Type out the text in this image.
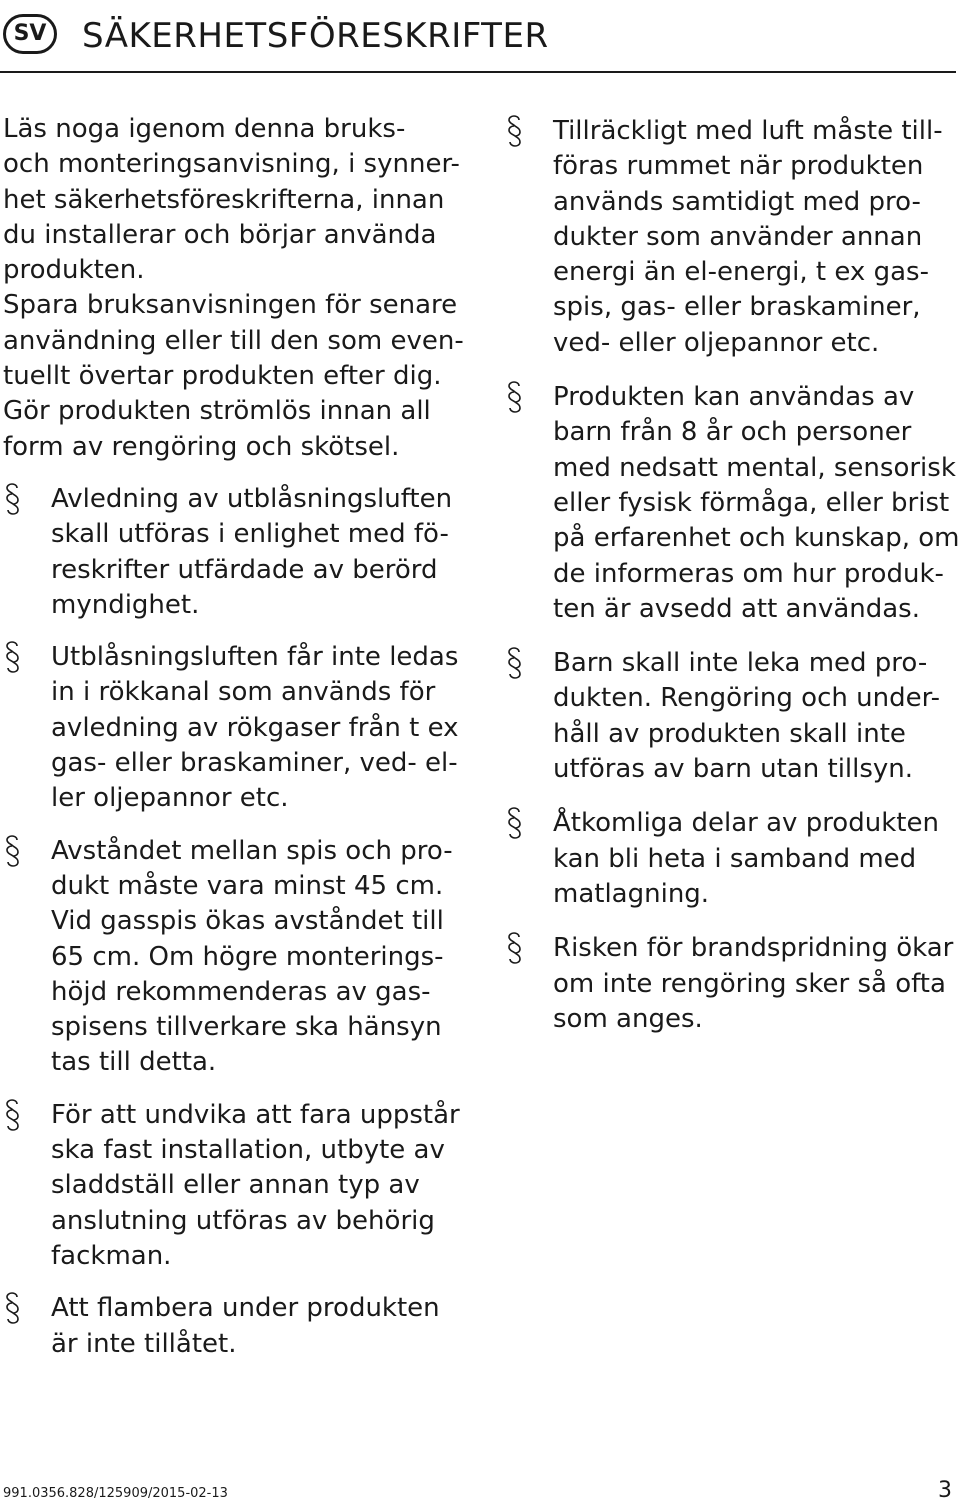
SV	SÄKERHETSFÖRESKRIFTER
Läs noga igenom denna bruks-
och monteringsanvisning, i synner-
het säkerhetsföreskrifterna, innan
du installerar och börjar använda
produkten.
Spara bruksanvisningen för senare
användning eller till den som even-
tuellt övertar produkten efter dig.
Gör produkten strömlös innan all
form av rengöring och skötsel.
Avledning av utblåsningsluften
skall utföras i enlighet med fö-
reskrifter utfärdade av berörd
myndighet.
Utblåsningsluften får inte ledas
in i rökkanal som används för
avledning av rökgaser från t ex
gas- eller braskaminer, ved- el-
ler oljepannor etc.
Avståndet mellan spis och pro-
dukt måste vara minst 45 cm.
Vid gasspis ökas avståndet till
65 cm. Om högre monterings-
höjd rekommenderas av gas-
spisens tillverkare ska hänsyn
tas till detta.
För att undvika att fara uppstår
ska fast installation, utbyte av
sladdställ eller annan typ av
anslutning utföras av behörig
fackman.
Att flambera under produkten
är inte tillåtet.
Tillräckligt med luft måste till-
föras rummet när produkten
används samtidigt med pro-
dukter som använder annan
energi än el-energi, t ex gas-
spis, gas- eller braskaminer,
ved- eller oljepannor etc.
Produkten kan användas av
barn från 8 år och personer
med nedsatt mental, sensorisk
eller fysisk förmåga, eller brist
på erfarenhet och kunskap, om
de informeras om hur produk-
ten är avsedd att användas.
Barn skall inte leka med pro-
dukten. Rengöring och under-
håll av produkten skall inte
utföras av barn utan tillsyn.
Åtkomliga delar av produkten
kan bli heta i samband med
matlagning.
Risken för brandspridning ökar
om inte rengöring sker så ofta
som anges.
991.0356.828/125909/2015-02-13	3
